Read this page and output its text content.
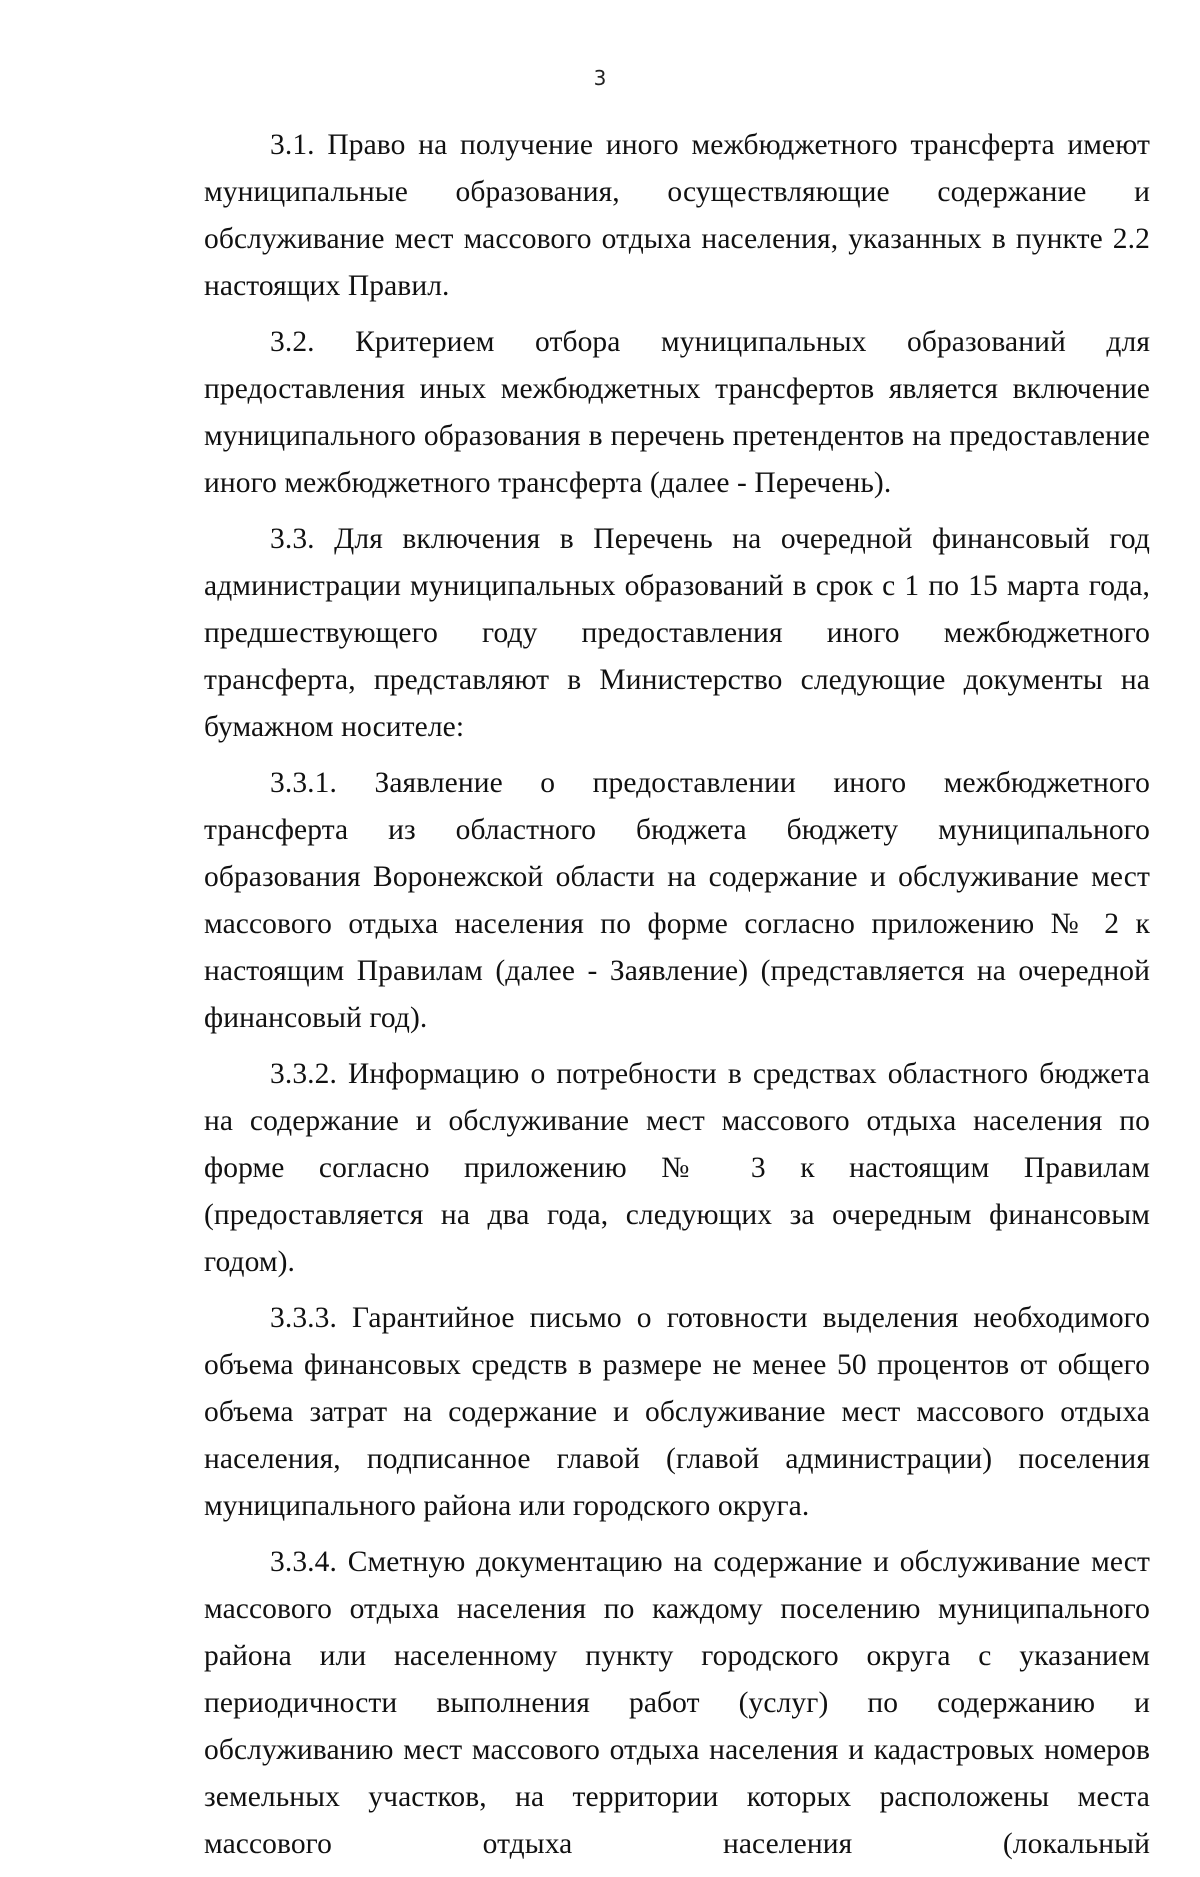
3

3.1. Право на получение иного межбюджетного трансферта имеют муниципальные образования, осуществляющие содержание и обслуживание мест массового отдыха населения, указанных в пункте 2.2 настоящих Правил.

3.2. Критерием отбора муниципальных образований для предоставления иных межбюджетных трансфертов является включение муниципального образования в перечень претендентов на предоставление иного межбюджетного трансферта (далее - Перечень).

3.3. Для включения в Перечень на очередной финансовый год администрации муниципальных образований в срок с 1 по 15 марта года, предшествующего году предоставления иного межбюджетного трансферта, представляют в Министерство следующие документы на бумажном носителе:

3.3.1. Заявление о предоставлении иного межбюджетного трансферта из областного бюджета бюджету муниципального образования Воронежской области на содержание и обслуживание мест массового отдыха населения по форме согласно приложению № 2 к настоящим Правилам (далее - Заявление) (представляется на очередной финансовый год).

3.3.2. Информацию о потребности в средствах областного бюджета на содержание и обслуживание мест массового отдыха населения по форме согласно приложению № 3 к настоящим Правилам (предоставляется на два года, следующих за очередным финансовым годом).

3.3.3. Гарантийное письмо о готовности выделения необходимого объема финансовых средств в размере не менее 50 процентов от общего объема затрат на содержание и обслуживание мест массового отдыха населения, подписанное главой (главой администрации) поселения муниципального района или городского округа.

3.3.4. Сметную документацию на содержание и обслуживание мест массового отдыха населения по каждому поселению муниципального района или населенному пункту городского округа с указанием периодичности выполнения работ (услуг) по содержанию и обслуживанию мест массового отдыха населения и кадастровых номеров земельных участков, на территории которых расположены места массового отдыха населения (локальный
